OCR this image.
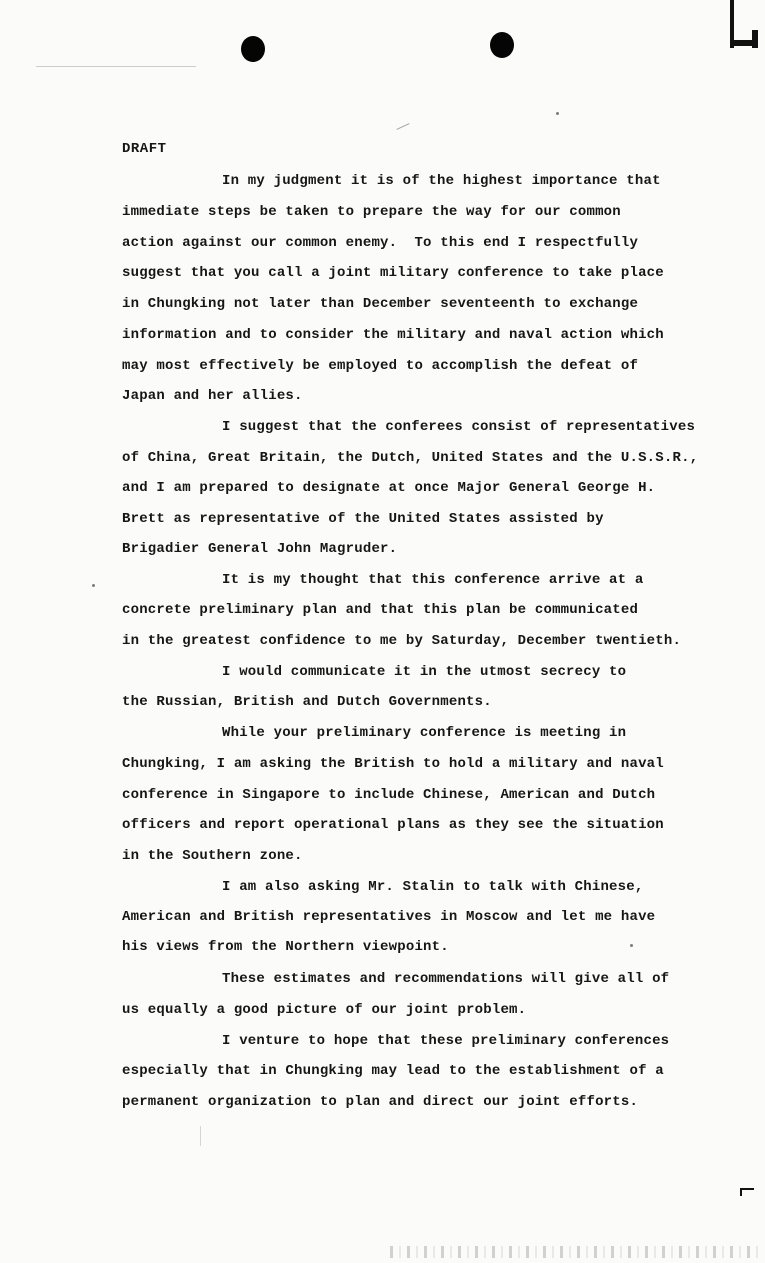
DRAFT
In my judgment it is of the highest importance that
immediate steps be taken to prepare the way for our common
action against our common enemy.  To this end I respectfully
suggest that you call a joint military conference to take place
in Chungking not later than December seventeenth to exchange
information and to consider the military and naval action which
may most effectively be employed to accomplish the defeat of
Japan and her allies.
I suggest that the conferees consist of representatives
of China, Great Britain, the Dutch, United States and the U.S.S.R.,
and I am prepared to designate at once Major General George H.
Brett as representative of the United States assisted by
Brigadier General John Magruder.
It is my thought that this conference arrive at a
concrete preliminary plan and that this plan be communicated
in the greatest confidence to me by Saturday, December twentieth.
I would communicate it in the utmost secrecy to
the Russian, British and Dutch Governments.
While your preliminary conference is meeting in
Chungking, I am asking the British to hold a military and naval
conference in Singapore to include Chinese, American and Dutch
officers and report operational plans as they see the situation
in the Southern zone.
I am also asking Mr. Stalin to talk with Chinese,
American and British representatives in Moscow and let me have
his views from the Northern viewpoint.
These estimates and recommendations will give all of
us equally a good picture of our joint problem.
I venture to hope that these preliminary conferences
especially that in Chungking may lead to the establishment of a
permanent organization to plan and direct our joint efforts.
